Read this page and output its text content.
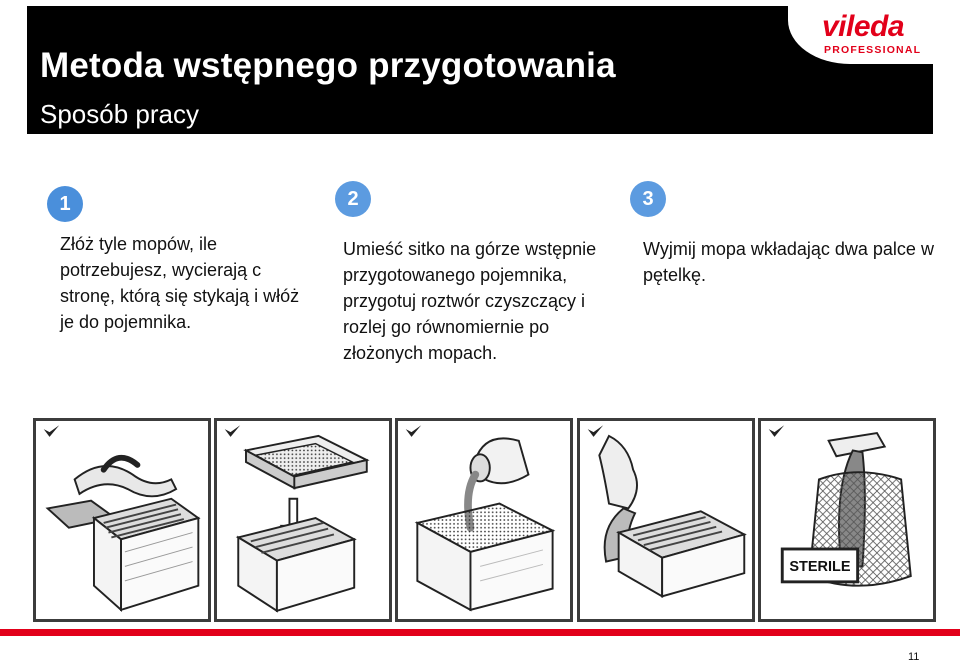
Metoda wstępnego przygotowania
Sposób pracy
vileda
PROFESSIONAL
1	2	3
Złóż tyle mopów, ile potrzebujesz, wycierają c stronę, którą się stykają i włóż je do pojemnika.
Umieść sitko na górze wstępnie przygotowanego pojemnika, przygotuj roztwór czyszczący i rozlej go równomiernie po złożonych mopach.
Wyjmij mopa wkładając dwa palce w pętelkę.
STERILE
11
